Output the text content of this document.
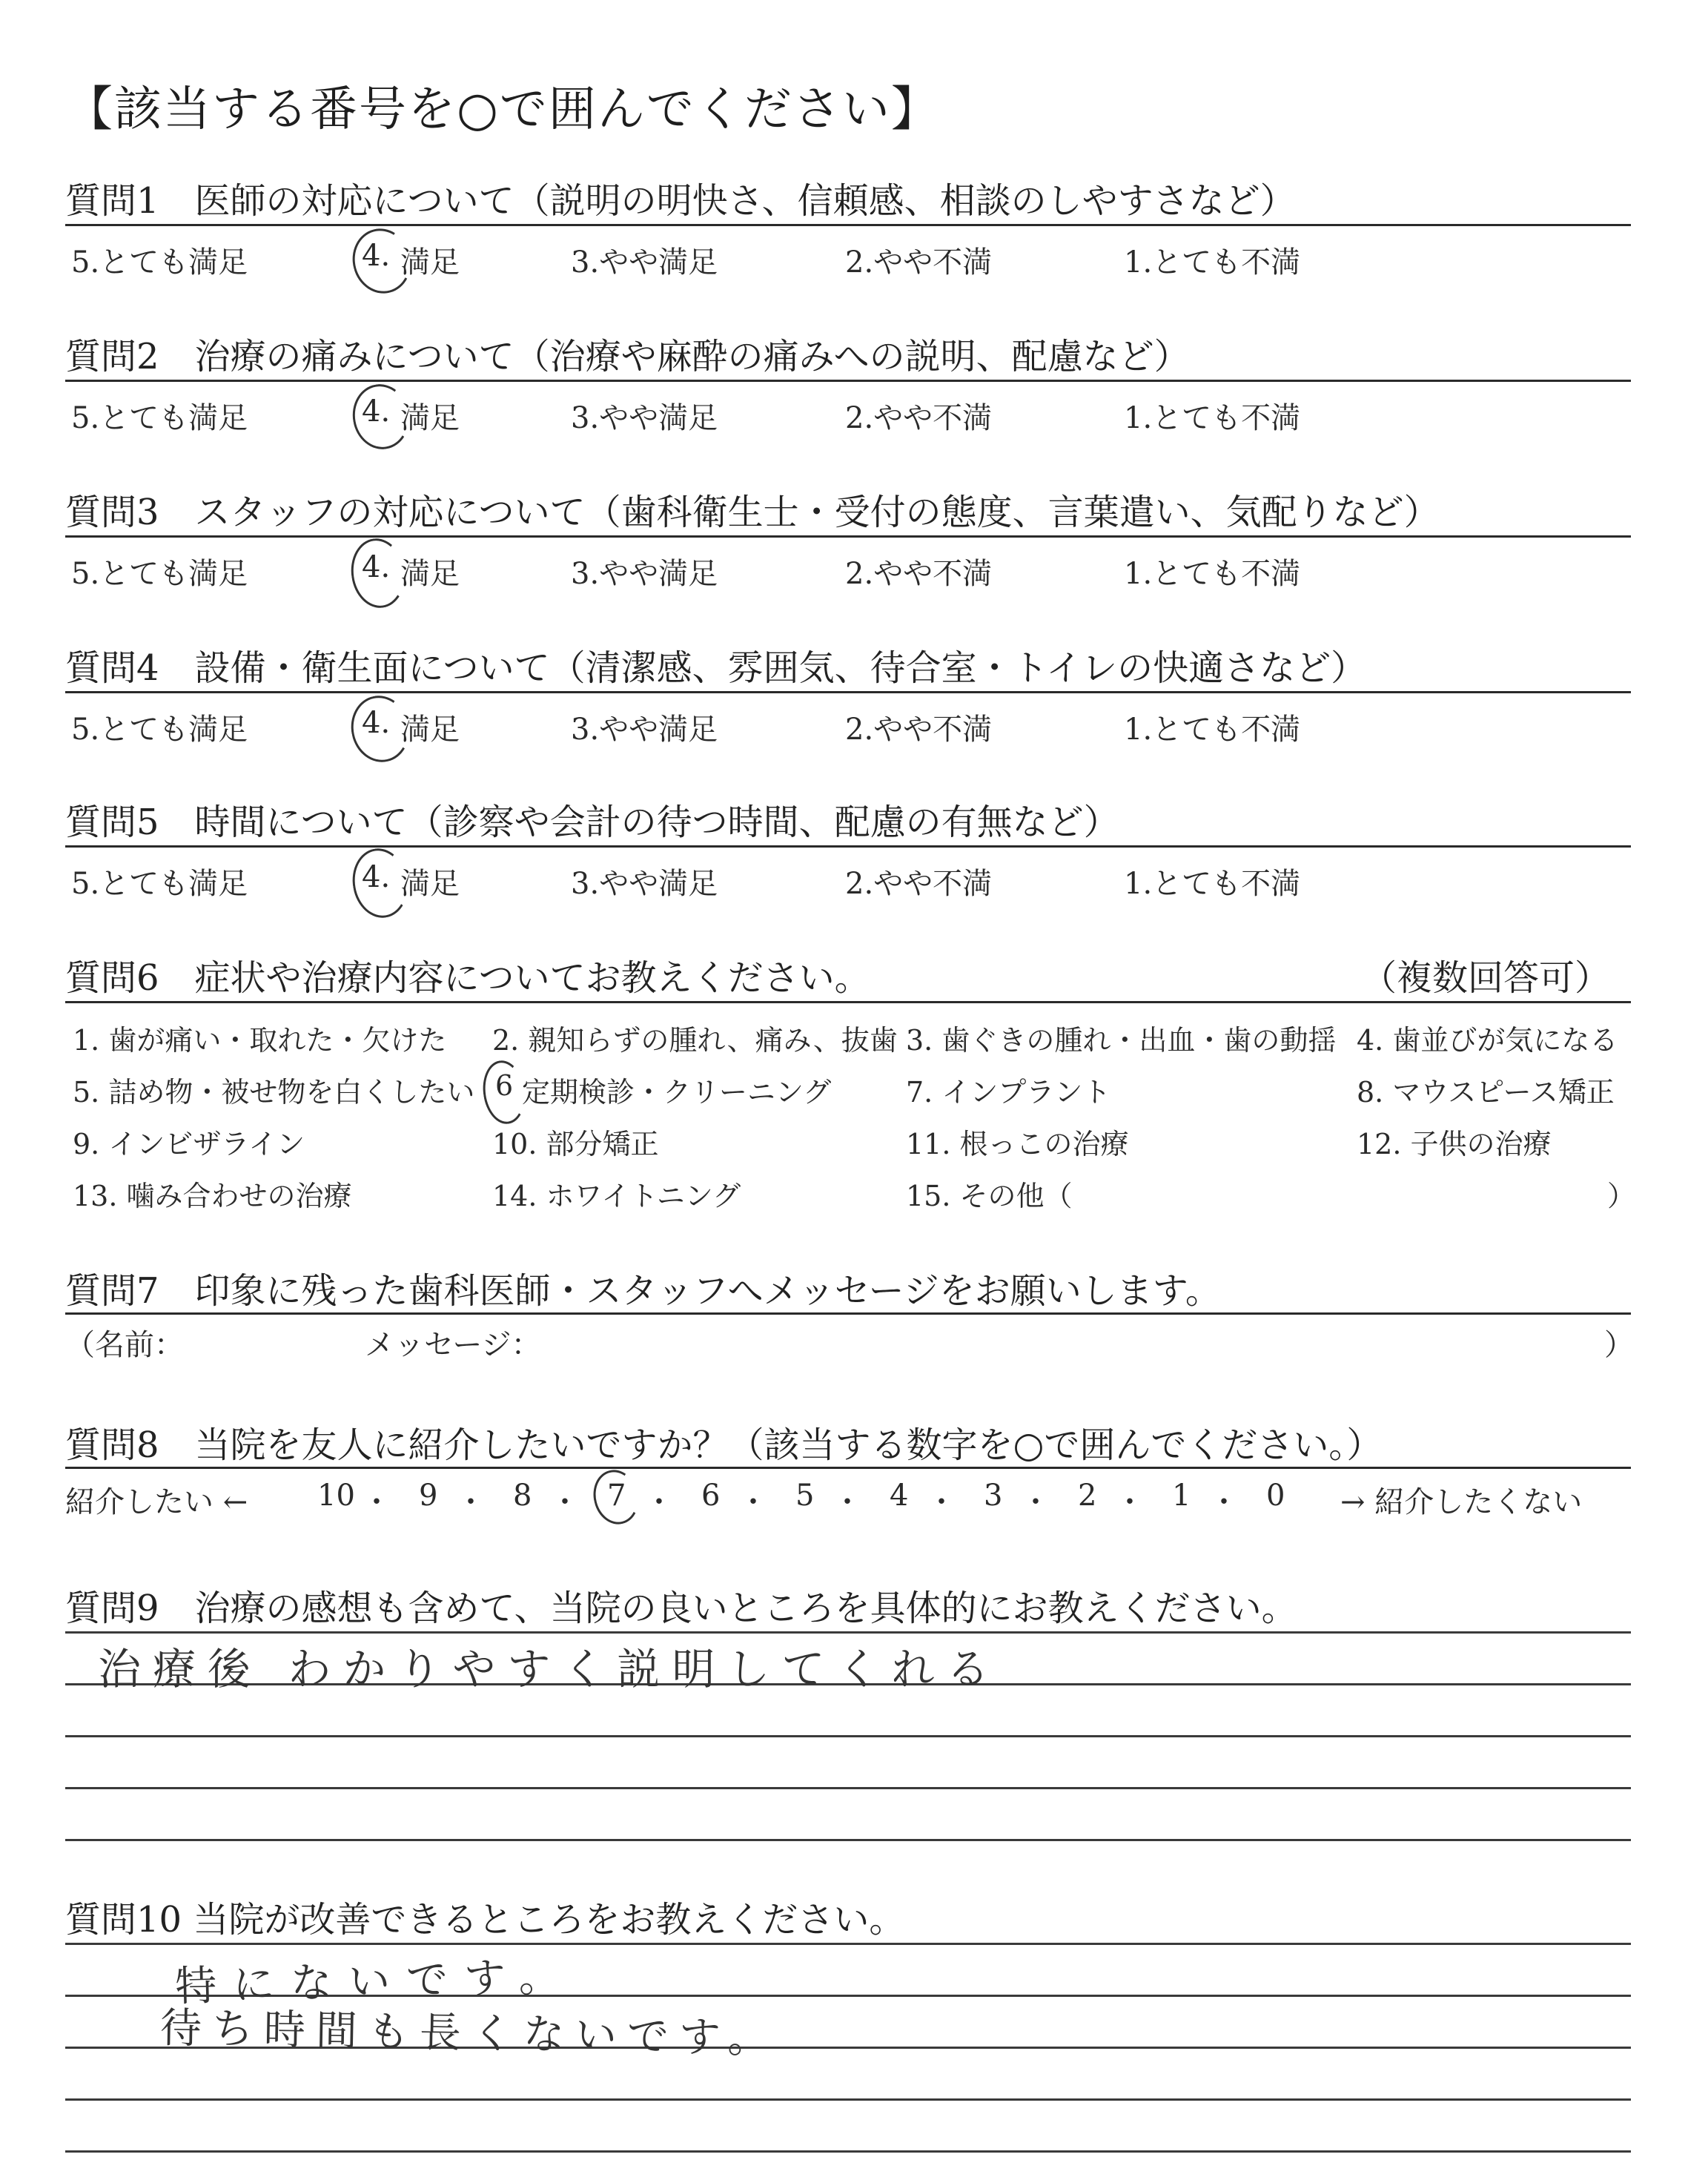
【該当する番号を○で囲んでください】
質問1　医師の対応について（説明の明快さ、信頼感、相談のしやすさなど）
5.とても満足	4. 満足	3.やや満足	2.やや不満	1.とても不満
質問2　治療の痛みについて（治療や麻酔の痛みへの説明、配慮など）
5.とても満足	4. 満足	3.やや満足	2.やや不満	1.とても不満
質問3　スタッフの対応について（歯科衛生士・受付の態度、言葉遣い、気配りなど）
5.とても満足	4. 満足	3.やや満足	2.やや不満	1.とても不満
質問4　設備・衛生面について（清潔感、雰囲気、待合室・トイレの快適さなど）
5.とても満足	4. 満足	3.やや満足	2.やや不満	1.とても不満
質問5　時間について（診察や会計の待つ時間、配慮の有無など）
5.とても満足	4. 満足	3.やや満足	2.やや不満	1.とても不満
質問6　症状や治療内容についてお教えください。	（複数回答可）
1. 歯が痛い・取れた・欠けた 2. 親知らずの腫れ、痛み、抜歯 3. 歯ぐきの腫れ・出血・歯の動揺 4. 歯並びが気になる
5. 詰め物・被せ物を白くしたい 6 定期検診・クリーニング	7. インプラント	8. マウスピース矯正
9. インビザライン	10. 部分矯正	11. 根っこの治療	12. 子供の治療
13. 噛み合わせの治療	14. ホワイトニング	15. その他（	）
質問7　印象に残った歯科医師・スタッフへメッセージをお願いします。
（名前：	メッセージ：	）
質問8　当院を友人に紹介したいですか？（該当する数字を○で囲んでください。）
紹介したい ←	→ 紹介したくない
10 ・ 9 ・ 8 ・ 7 ・ 6 ・ 5 ・ 4 ・ 3 ・ 2 ・ 1 ・ 0
質問9　治療の感想も含めて、当院の良いところを具体的にお教えください。
治療後 わかりやすく説明してくれる
質問10 当院が改善できるところをお教えください。
特にないです。
待ち時間も長くないです。
